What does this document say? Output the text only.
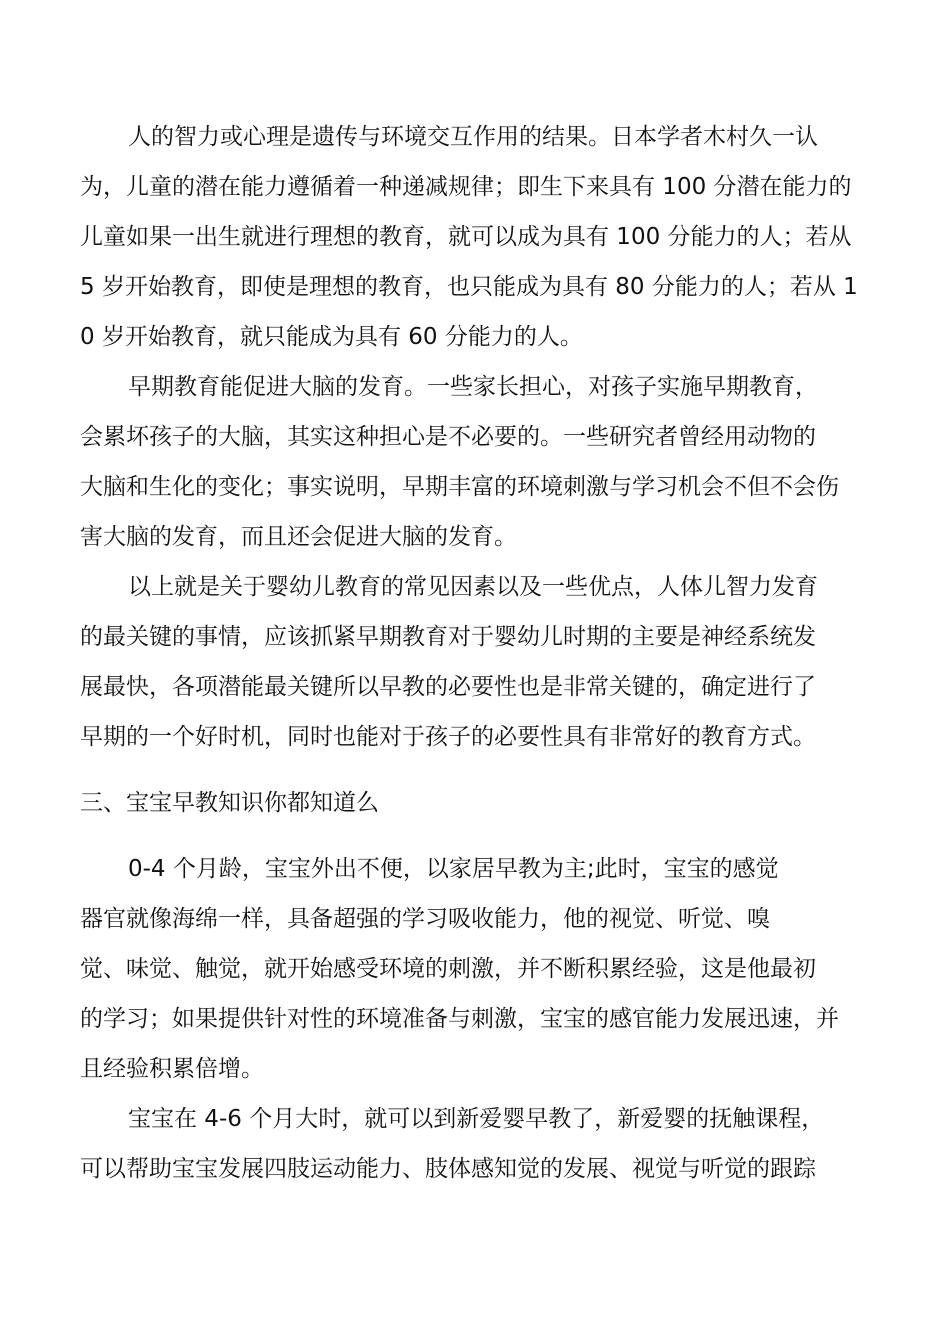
人的智力或心理是遗传与环境交互作用的结果。日本学者木村久一认
为，儿童的潜在能力遵循着一种递减规律；即生下来具有 100 分潜在能力的
儿童如果一出生就进行理想的教育，就可以成为具有 100 分能力的人；若从
5 岁开始教育，即使是理想的教育，也只能成为具有 80 分能力的人；若从 1
0 岁开始教育，就只能成为具有 60 分能力的人。
早期教育能促进大脑的发育。一些家长担心，对孩子实施早期教育，
会累坏孩子的大脑，其实这种担心是不必要的。一些研究者曾经用动物的
大脑和生化的变化；事实说明，早期丰富的环境刺激与学习机会不但不会伤
害大脑的发育，而且还会促进大脑的发育。
以上就是关于婴幼儿教育的常见因素以及一些优点，人体儿智力发育
的最关键的事情，应该抓紧早期教育对于婴幼儿时期的主要是神经系统发
展最快，各项潜能最关键所以早教的必要性也是非常关键的，确定进行了
早期的一个好时机，同时也能对于孩子的必要性具有非常好的教育方式。
三、宝宝早教知识你都知道么
0-4 个月龄，宝宝外出不便，以家居早教为主;此时，宝宝的感觉
器官就像海绵一样，具备超强的学习吸收能力，他的视觉、听觉、嗅
觉、味觉、触觉，就开始感受环境的刺激，并不断积累经验，这是他最初
的学习；如果提供针对性的环境准备与刺激，宝宝的感官能力发展迅速，并
且经验积累倍增。
宝宝在 4-6 个月大时，就可以到新爱婴早教了，新爱婴的抚触课程，
可以帮助宝宝发展四肢运动能力、肢体感知觉的发展、视觉与听觉的跟踪
